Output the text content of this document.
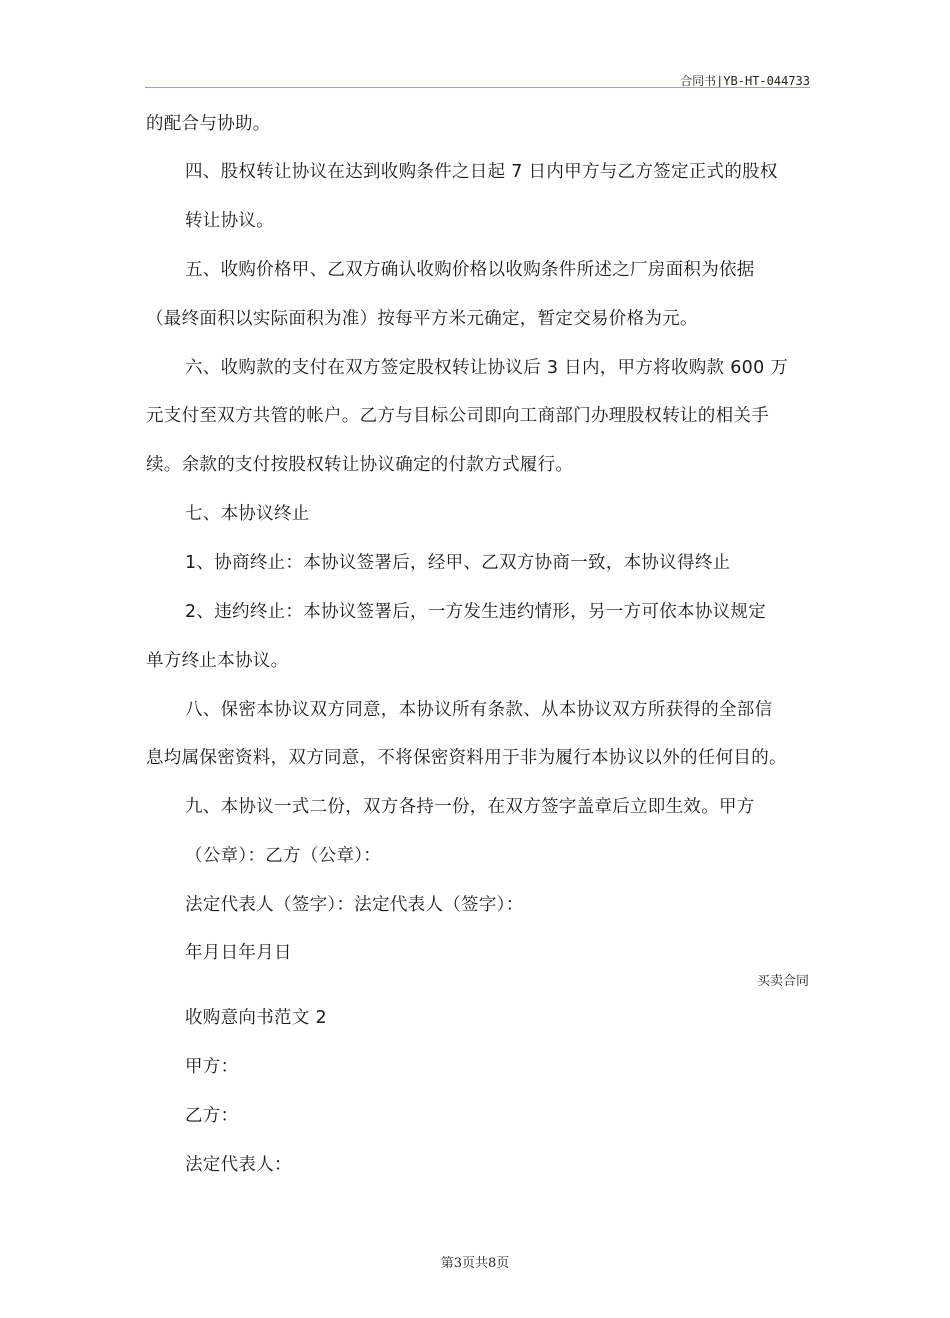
合同书|YB-HT-044733
的配合与协助。
四、股权转让协议在达到收购条件之日起 7 日内甲方与乙方签定正式的股权
转让协议。
五、收购价格甲、乙双方确认收购价格以收购条件所述之厂房面积为依据
（最终面积以实际面积为准）按每平方米元确定，暂定交易价格为元。
六、收购款的支付在双方签定股权转让协议后 3 日内，甲方将收购款 600 万
元支付至双方共管的帐户。乙方与目标公司即向工商部门办理股权转让的相关手
续。余款的支付按股权转让协议确定的付款方式履行。
七、本协议终止
1、协商终止：本协议签署后，经甲、乙双方协商一致，本协议得终止
2、违约终止：本协议签署后，一方发生违约情形，另一方可依本协议规定
单方终止本协议。
八、保密本协议双方同意，本协议所有条款、从本协议双方所获得的全部信
息均属保密资料，双方同意，不将保密资料用于非为履行本协议以外的任何目的。
九、本协议一式二份，双方各持一份，在双方签字盖章后立即生效。甲方
（公章）：乙方（公章）：
法定代表人（签字）：法定代表人（签字）：
年月日年月日
买卖合同
收购意向书范文 2
甲方：
乙方：
法定代表人：
第3页共8页
